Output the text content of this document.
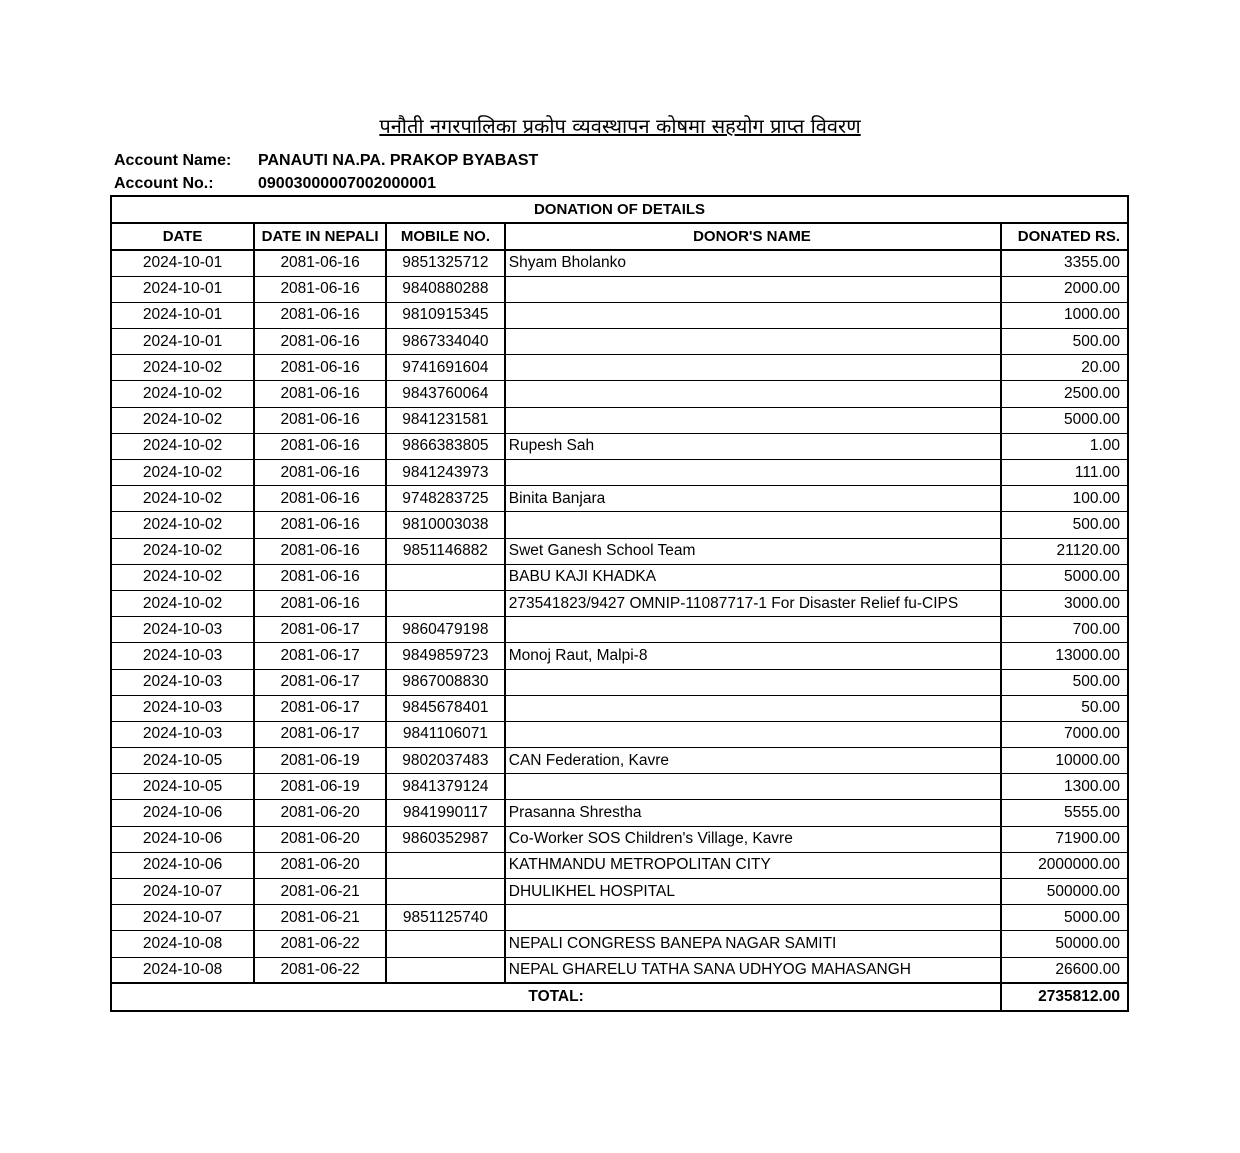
पनौती नगरपालिका प्रकोप व्यवस्थापन कोषमा सहयोग प्राप्त विवरण
Account Name: PANAUTI NA.PA. PRAKOP BYABAST
Account No.:	09003000007002000001
DONATION OF DETAILS				
DATE	DATE IN NEPALI	MOBILE NO.	DONOR'S NAME	DONATED RS.
2024-10-01	2081-06-16	9851325712	Shyam Bholanko	3355.00
2024-10-01	2081-06-16	9840880288		2000.00
2024-10-01	2081-06-16	9810915345		1000.00
2024-10-01	2081-06-16	9867334040		500.00
2024-10-02	2081-06-16	9741691604		20.00
2024-10-02	2081-06-16	9843760064		2500.00
2024-10-02	2081-06-16	9841231581		5000.00
2024-10-02	2081-06-16	9866383805	Rupesh Sah	1.00
2024-10-02	2081-06-16	9841243973		111.00
2024-10-02	2081-06-16	9748283725	Binita Banjara	100.00
2024-10-02	2081-06-16	9810003038		500.00
2024-10-02	2081-06-16	9851146882	Swet Ganesh School Team	21120.00
2024-10-02	2081-06-16		BABU KAJI KHADKA	5000.00
2024-10-02	2081-06-16		273541823/9427 OMNIP-11087717-1 For Disaster Relief fu-CIPS	3000.00
2024-10-03	2081-06-17	9860479198		700.00
2024-10-03	2081-06-17	9849859723	Monoj Raut, Malpi-8	13000.00
2024-10-03	2081-06-17	9867008830		500.00
2024-10-03	2081-06-17	9845678401		50.00
2024-10-03	2081-06-17	9841106071		7000.00
2024-10-05	2081-06-19	9802037483	CAN Federation, Kavre	10000.00
2024-10-05	2081-06-19	9841379124		1300.00
2024-10-06	2081-06-20	9841990117	Prasanna Shrestha	5555.00
2024-10-06	2081-06-20	9860352987	Co-Worker SOS Children's Village, Kavre	71900.00
2024-10-06	2081-06-20		KATHMANDU METROPOLITAN CITY	2000000.00
2024-10-07	2081-06-21		DHULIKHEL HOSPITAL	500000.00
2024-10-07	2081-06-21	9851125740		5000.00
2024-10-08	2081-06-22		NEPALI CONGRESS BANEPA NAGAR SAMITI	50000.00
2024-10-08	2081-06-22		NEPAL GHARELU TATHA SANA UDHYOG MAHASANGH	26600.00
TOTAL:				2735812.00
